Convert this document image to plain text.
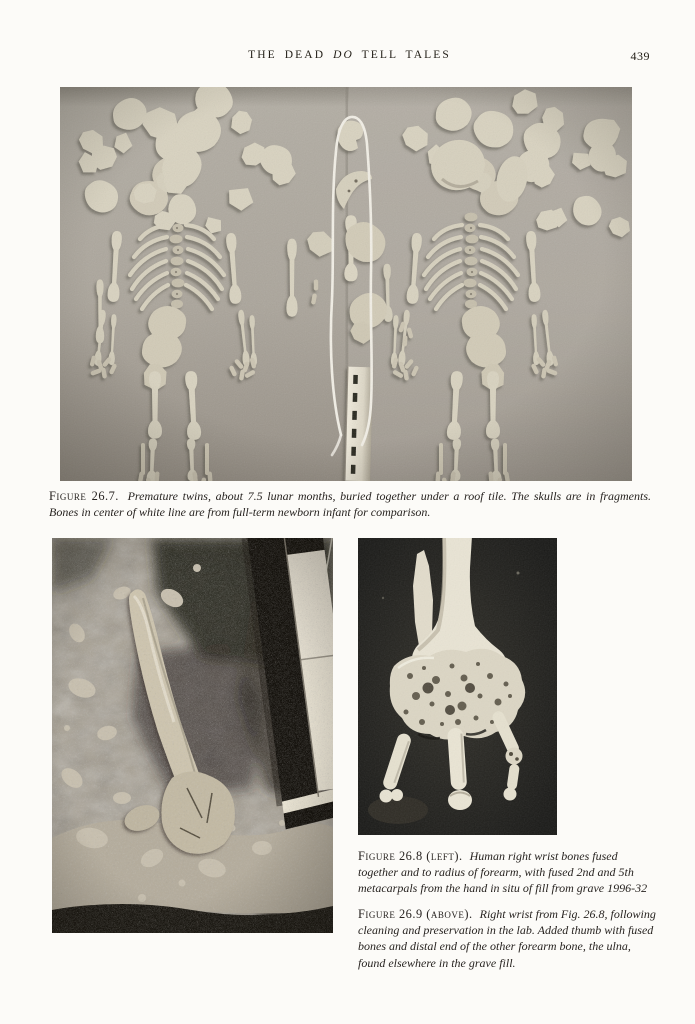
THE DEAD DO TELL TALES	439

Figure 26.7. Premature twins, about 7.5 lunar months, buried together under a roof tile. The skulls are in fragments. Bones in center of white line are from full-term newborn infant for comparison.

Figure 26.8 (left). Human right wrist bones fused together and to radius of forearm, with fused 2nd and 5th metacarpals from the hand in situ of fill from grave 1996-32

Figure 26.9 (above). Right wrist from Fig. 26.8, following cleaning and preservation in the lab. Added thumb with fused bones and distal end of the other forearm bone, the ulna, found elsewhere in the grave fill.
